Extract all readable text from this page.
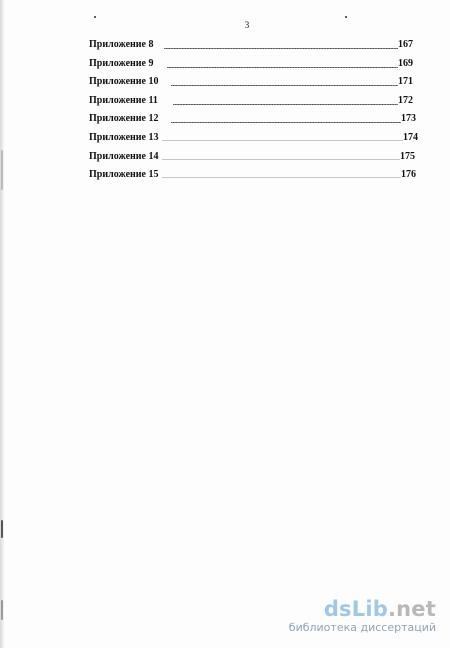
3
Приложение 8	167
Приложение 9	169
Приложение 10	171
Приложение 11	172
Приложение 12	173
Приложение 13	174
Приложение 14	175
Приложение 15	176
dsLib.net
библиотека диссертаций
